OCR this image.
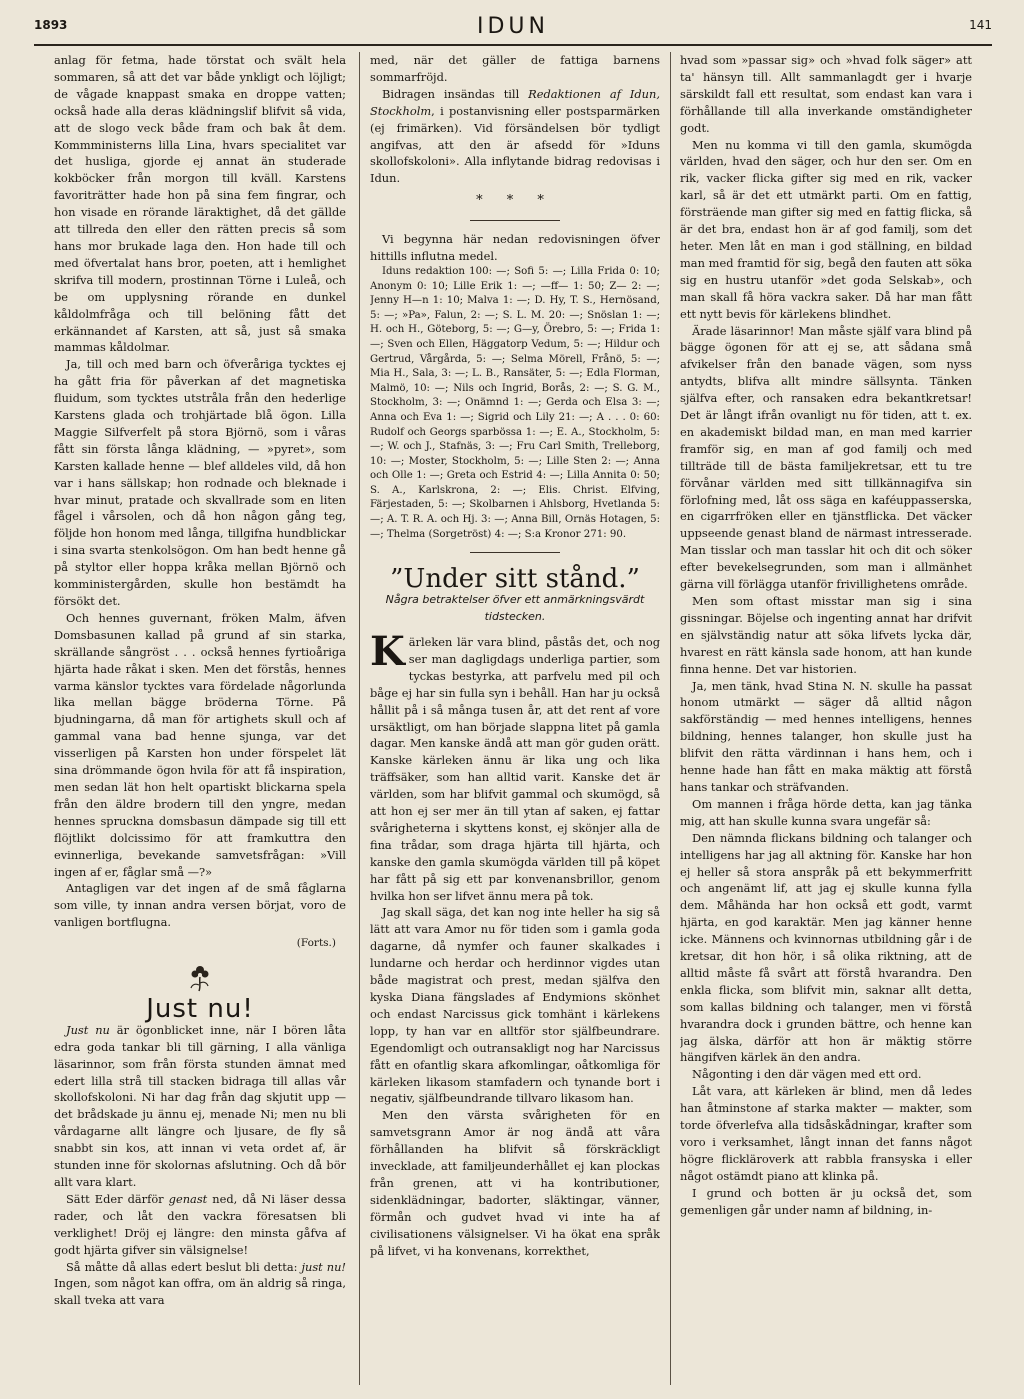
1893	IDUN	141

anlag för fetma, hade törstat och svält hela sommaren, så att det var både ynkligt och löjligt; de vågade knappast smaka en droppe vatten; också hade alla deras klädningslif blifvit så vida, att de slogo veck både fram och bak åt dem. Kommministerns lilla Lina, hvars specialitet var det husliga, gjorde ej annat än studerade kokböcker från morgon till kväll. Karstens favoriträtter hade hon på sina fem fingrar, och hon visade en rörande läraktighet, då det gällde att tillreda den eller den rätten precis så som hans mor brukade laga den. Hon hade till och med öfvertalat hans bror, poeten, att i hemlighet skrifva till modern, prostinnan Törne i Luleå, och be om upplysning rörande en dunkel kåldolmfråga och till belöning fått det erkännandet af Karsten, att så, just så smaka mammas kåldolmar.

Ja, till och med barn och öfveråriga tycktes ej ha gått fria för påverkan af det magnetiska fluidum, som tycktes utstråla från den hederlige Karstens glada och trohjärtade blå ögon. Lilla Maggie Silfverfelt på stora Björnö, som i våras fått sin första långa klädning, — »pyret», som Karsten kallade henne — blef alldeles vild, då hon var i hans sällskap; hon rodnade och bleknade i hvar minut, pratade och skvallrade som en liten fågel i vårsolen, och då hon någon gång teg, följde hon honom med långa, tillgifna hundblickar i sina svarta stenkolsögon. Om han bedt henne gå på styltor eller hoppa kråka mellan Björnö och komministergården, skulle hon bestämdt ha försökt det.

Och hennes guvernant, fröken Malm, äfven Domsbasunen kallad på grund af sin starka, skrällande sångröst . . . också hennes fyrtioåriga hjärta hade råkat i sken. Men det förstås, hennes varma känslor tycktes vara fördelade någorlunda lika mellan bägge bröderna Törne. På bjudningarna, då man för artighets skull och af gammal vana bad henne sjunga, var det visserligen på Karsten hon under förspelet lät sina drömmande ögon hvila för att få inspiration, men sedan lät hon helt opartiskt blickarna spela från den äldre brodern till den yngre, medan hennes spruckna domsbasun dämpade sig till ett flöjtlikt dolcissimo för att framkuttra den evinnerliga, bevekande samvetsfrågan: »Vill ingen af er, fåglar små —?»

Antagligen var det ingen af de små fåglarna som ville, ty innan andra versen börjat, voro de vanligen bortflugna.

(Forts.)
Just nu!

Just nu är ögonblicket inne, när I bören låta edra goda tankar bli till gärning, I alla vänliga läsarinnor, som från första stunden ämnat med edert lilla strå till stacken bidraga till allas vår skollofskoloni. Ni har dag från dag skjutit upp — det brådskade ju ännu ej, menade Ni; men nu bli vårdagarne allt längre och ljusare, de fly så snabbt sin kos, att innan vi veta ordet af, är stunden inne för skolornas afslutning. Och då bör allt vara klart.

Sätt Eder därför genast ned, då Ni läser dessa rader, och låt den vackra föresatsen bli verklighet! Dröj ej längre: den minsta gåfva af godt hjärta gifver sin välsignelse!

Så måtte då allas edert beslut bli detta: just nu! Ingen, som något kan offra, om än aldrig så ringa, skall tveka att vara

med, när det gäller de fattiga barnens sommarfröjd.

Bidragen insändas till Redaktionen af Idun, Stockholm, i postanvisning eller postsparmärken (ej frimärken). Vid försändelsen bör tydligt angifvas, att den är afsedd för »Iduns skollofskoloni». Alla inflytande bidrag redovisas i Idun.

* * *

Vi begynna här nedan redovisningen öfver hittills influtna medel.

Iduns redaktion 100: —; Sofi 5: —; Lilla Frida 0: 10; Anonym 0: 10; Lille Erik 1: —; —ff— 1: 50; Z— 2: —; Jenny H—n 1: 10; Malva 1: —; D. Hy, T. S., Hernösand, 5: —; »Pa», Falun, 2: —; S. L. M. 20: —; Snöslan 1: —; H. och H., Göteborg, 5: —; G—y, Örebro, 5: —; Frida 1: —; Sven och Ellen, Häggatorp Vedum, 5: —; Hildur och Gertrud, Vårgårda, 5: —; Selma Mörell, Frånö, 5: —; Mia H., Sala, 3: —; L. B., Ransäter, 5: —; Edla Florman, Malmö, 10: —; Nils och Ingrid, Borås, 2: —; S. G. M., Stockholm, 3: —; Onämnd 1: —; Gerda och Elsa 3: —; Anna och Eva 1: —; Sigrid och Lily 21: —; A . . . 0: 60: Rudolf och Georgs sparbössa 1: —; E. A., Stockholm, 5: —; W. och J., Stafnäs, 3: —; Fru Carl Smith, Trelleborg, 10: —; Moster, Stockholm, 5: —; Lille Sten 2: —; Anna och Olle 1: —; Greta och Estrid 4: —; Lilla Annita 0: 50; S. A., Karlskrona, 2: —; Elis. Christ. Elfving, Färjestaden, 5: —; Skolbarnen i Ahlsborg, Hvetlanda 5: —; A. T. R. A. och Hj. 3: —; Anna Bill, Ornäs Hotagen, 5: —; Thelma (Sorgetröst) 4: —; S:a Kronor 271: 90.

”Under sitt stånd.”
Några betraktelser öfver ett anmärkningsvärdt tidstecken.

Kärleken lär vara blind, påstås det, och nog ser man dagligdags underliga partier, som tyckas bestyrka, att parfvelu med pil och båge ej har sin fulla syn i behåll. Han har ju också hållit på i så många tusen år, att det rent af vore ursäktligt, om han började slappna litet på gamla dagar. Men kanske ändå att man gör guden orätt. Kanske kärleken ännu är lika ung och lika träffsäker, som han alltid varit. Kanske det är världen, som har blifvit gammal och skumögd, så att hon ej ser mer än till ytan af saken, ej fattar svårigheterna i skyttens konst, ej skönjer alla de fina trådar, som draga hjärta till hjärta, och kanske den gamla skumögda världen till på köpet har fått på sig ett par konvenansbrillor, genom hvilka hon ser lifvet ännu mera på tok.

Jag skall säga, det kan nog inte heller ha sig så lätt att vara Amor nu för tiden som i gamla goda dagarne, då nymfer och fauner skalkades i lundarne och herdar och herdinnor vigdes utan både magistrat och prest, medan själfva den kyska Diana fängslades af Endymions skönhet och endast Narcissus gick tomhänt i kärlekens lopp, ty han var en alltför stor själfbeundrare. Egendomligt och outransakligt nog har Narcissus fått en ofantlig skara afkomlingar, oåtkomliga för kärleken likasom stamfadern och tynande bort i negativ, själfbeundrande tillvaro likasom han.

Men den värsta svårigheten för en samvetsgrann Amor är nog ändå att våra förhållanden ha blifvit så förskräckligt invecklade, att familjeunderhållet ej kan plockas från grenen, att vi ha kontributioner, sidenklädningar, badorter, släktingar, vänner, förmån och gudvet hvad vi inte ha af civilisationens välsignelser. Vi ha ökat ena språk på lifvet, vi ha konvenans, korrekthet,

hvad som »passar sig» och »hvad folk säger» att ta' hänsyn till. Allt sammanlagdt ger i hvarje särskildt fall ett resultat, som endast kan vara i förhållande till alla inverkande omständigheter godt.

Men nu komma vi till den gamla, skumögda världen, hvad den säger, och hur den ser. Om en rik, vacker flicka gifter sig med en rik, vacker karl, så är det ett utmärkt parti. Om en fattig, försträende man gifter sig med en fattig flicka, så är det bra, endast hon är af god familj, som det heter. Men låt en man i god ställning, en bildad man med framtid för sig, begå den fauten att söka sig en hustru utanför »det goda Selskab», och man skall få höra vackra saker. Då har man fått ett nytt bevis för kärlekens blindhet.

Ärade läsarinnor! Man måste själf vara blind på bägge ögonen för att ej se, att sådana små afvikelser från den banade vägen, som nyss antydts, blifva allt mindre sällsynta. Tänken själfva efter, och ransaken edra bekantkretsar! Det är långt ifrån ovanligt nu för tiden, att t. ex. en akademiskt bildad man, en man med karrier framför sig, en man af god familj och med tillträde till de bästa familjekretsar, ett tu tre förvånar världen med sitt tillkännagifva sin förlofning med, låt oss säga en kaféuppasserska, en cigarrfröken eller en tjänstflicka. Det väcker uppseende genast bland de närmast intresserade. Man tisslar och man tasslar hit och dit och söker efter bevekelsegrunden, som man i allmänhet gärna vill förlägga utanför frivillighetens område.

Men som oftast misstar man sig i sina gissningar. Böjelse och ingenting annat har drifvit en självständig natur att söka lifvets lycka där, hvarest en rätt känsla sade honom, att han kunde finna henne. Det var historien.

Ja, men tänk, hvad Stina N. N. skulle ha passat honom utmärkt — säger då alltid någon sakförständig — med hennes intelligens, hennes bildning, hennes talanger, hon skulle just ha blifvit den rätta värdinnan i hans hem, och i henne hade han fått en maka mäktig att förstå hans tankar och sträfvanden.

Om mannen i fråga hörde detta, kan jag tänka mig, att han skulle kunna svara ungefär så:

Den nämnda flickans bildning och talanger och intelligens har jag all aktning för. Kanske har hon ej heller så stora anspråk på ett bekymmerfritt och angenämt lif, att jag ej skulle kunna fylla dem. Måhända har hon också ett godt, varmt hjärta, en god karaktär. Men jag känner henne icke. Männens och kvinnornas utbildning går i de kretsar, dit hon hör, i så olika riktning, att de alltid måste få svårt att förstå hvarandra. Den enkla flicka, som blifvit min, saknar allt detta, som kallas bildning och talanger, men vi förstå hvarandra dock i grunden bättre, och henne kan jag älska, därför att hon är mäktig större hängifven kärlek än den andra.

Någonting i den där vägen med ett ord.

Låt vara, att kärleken är blind, men då ledes han åtminstone af starka makter — makter, som torde öfverlefva alla tidsåskådningar, krafter som voro i verksamhet, långt innan det fanns något högre flickläroverk att rabbla fransyska i eller något ostämdt piano att klinka på.

I grund och botten är ju också det, som gemenligen går under namn af bildning, in-
